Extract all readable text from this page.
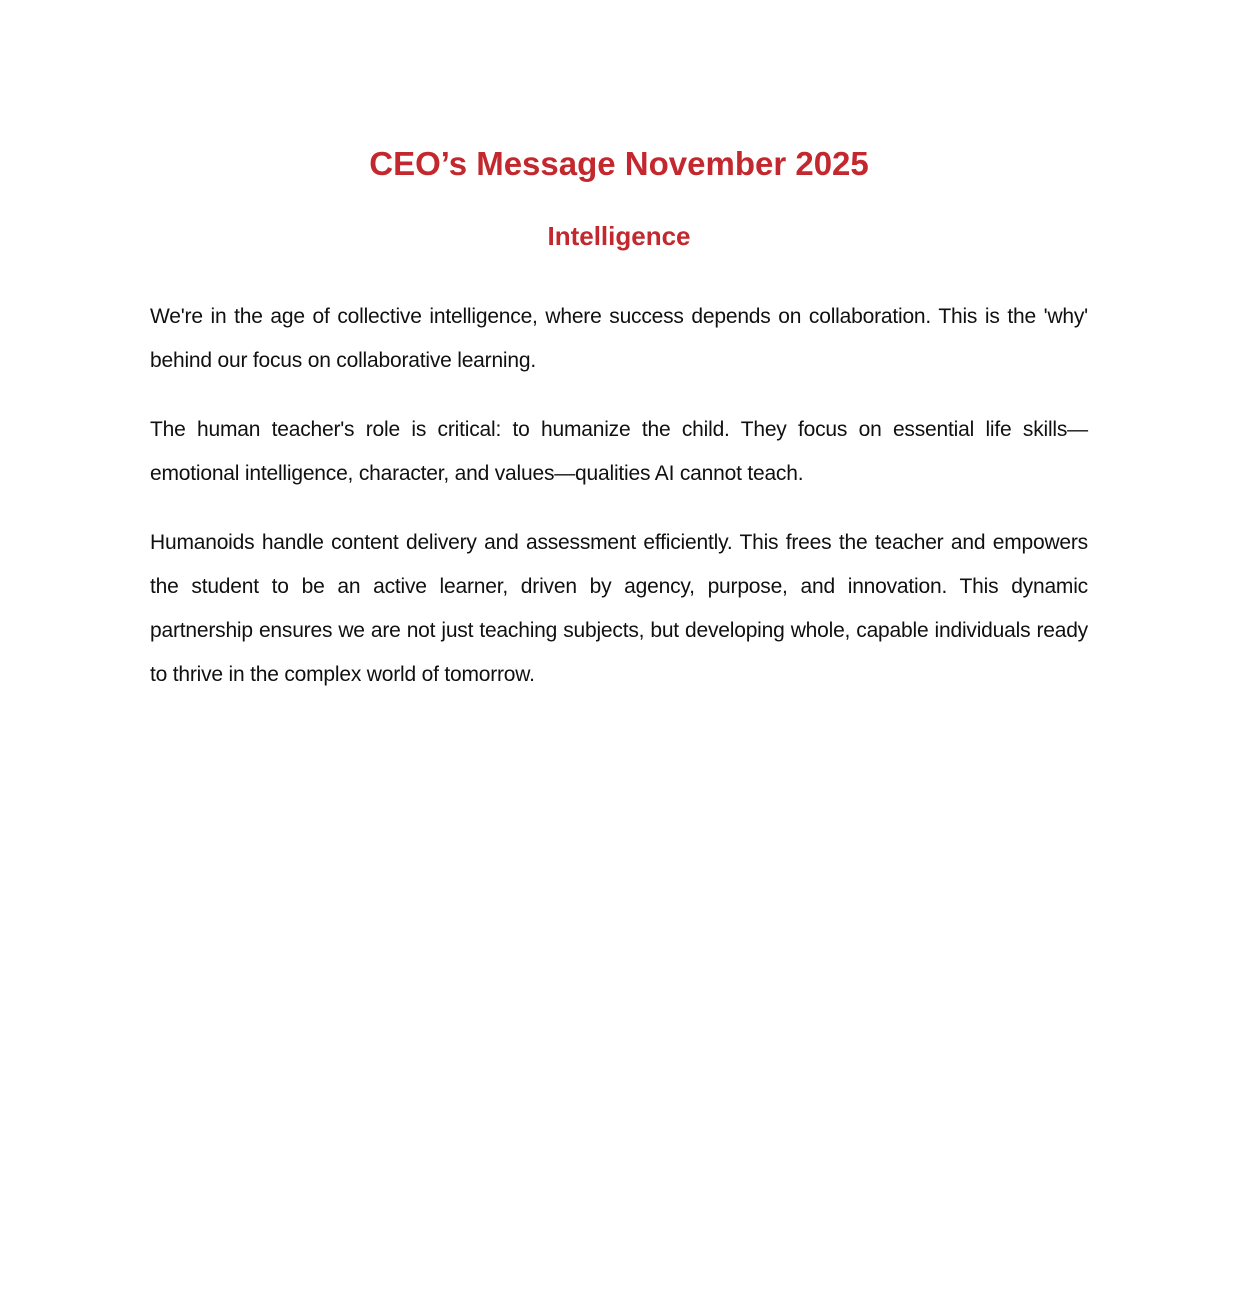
CEO’s Message November 2025
Intelligence

We're in the age of collective intelligence, where success depends on collaboration. This is the 'why' behind our focus on collaborative learning.

The human teacher's role is critical: to humanize the child. They focus on essential life skills—emotional intelligence, character, and values—qualities AI cannot teach.

Humanoids handle content delivery and assessment efficiently. This frees the teacher and empowers the student to be an active learner, driven by agency, purpose, and innovation. This dynamic partnership ensures we are not just teaching subjects, but developing whole, capable individuals ready to thrive in the complex world of tomorrow.
